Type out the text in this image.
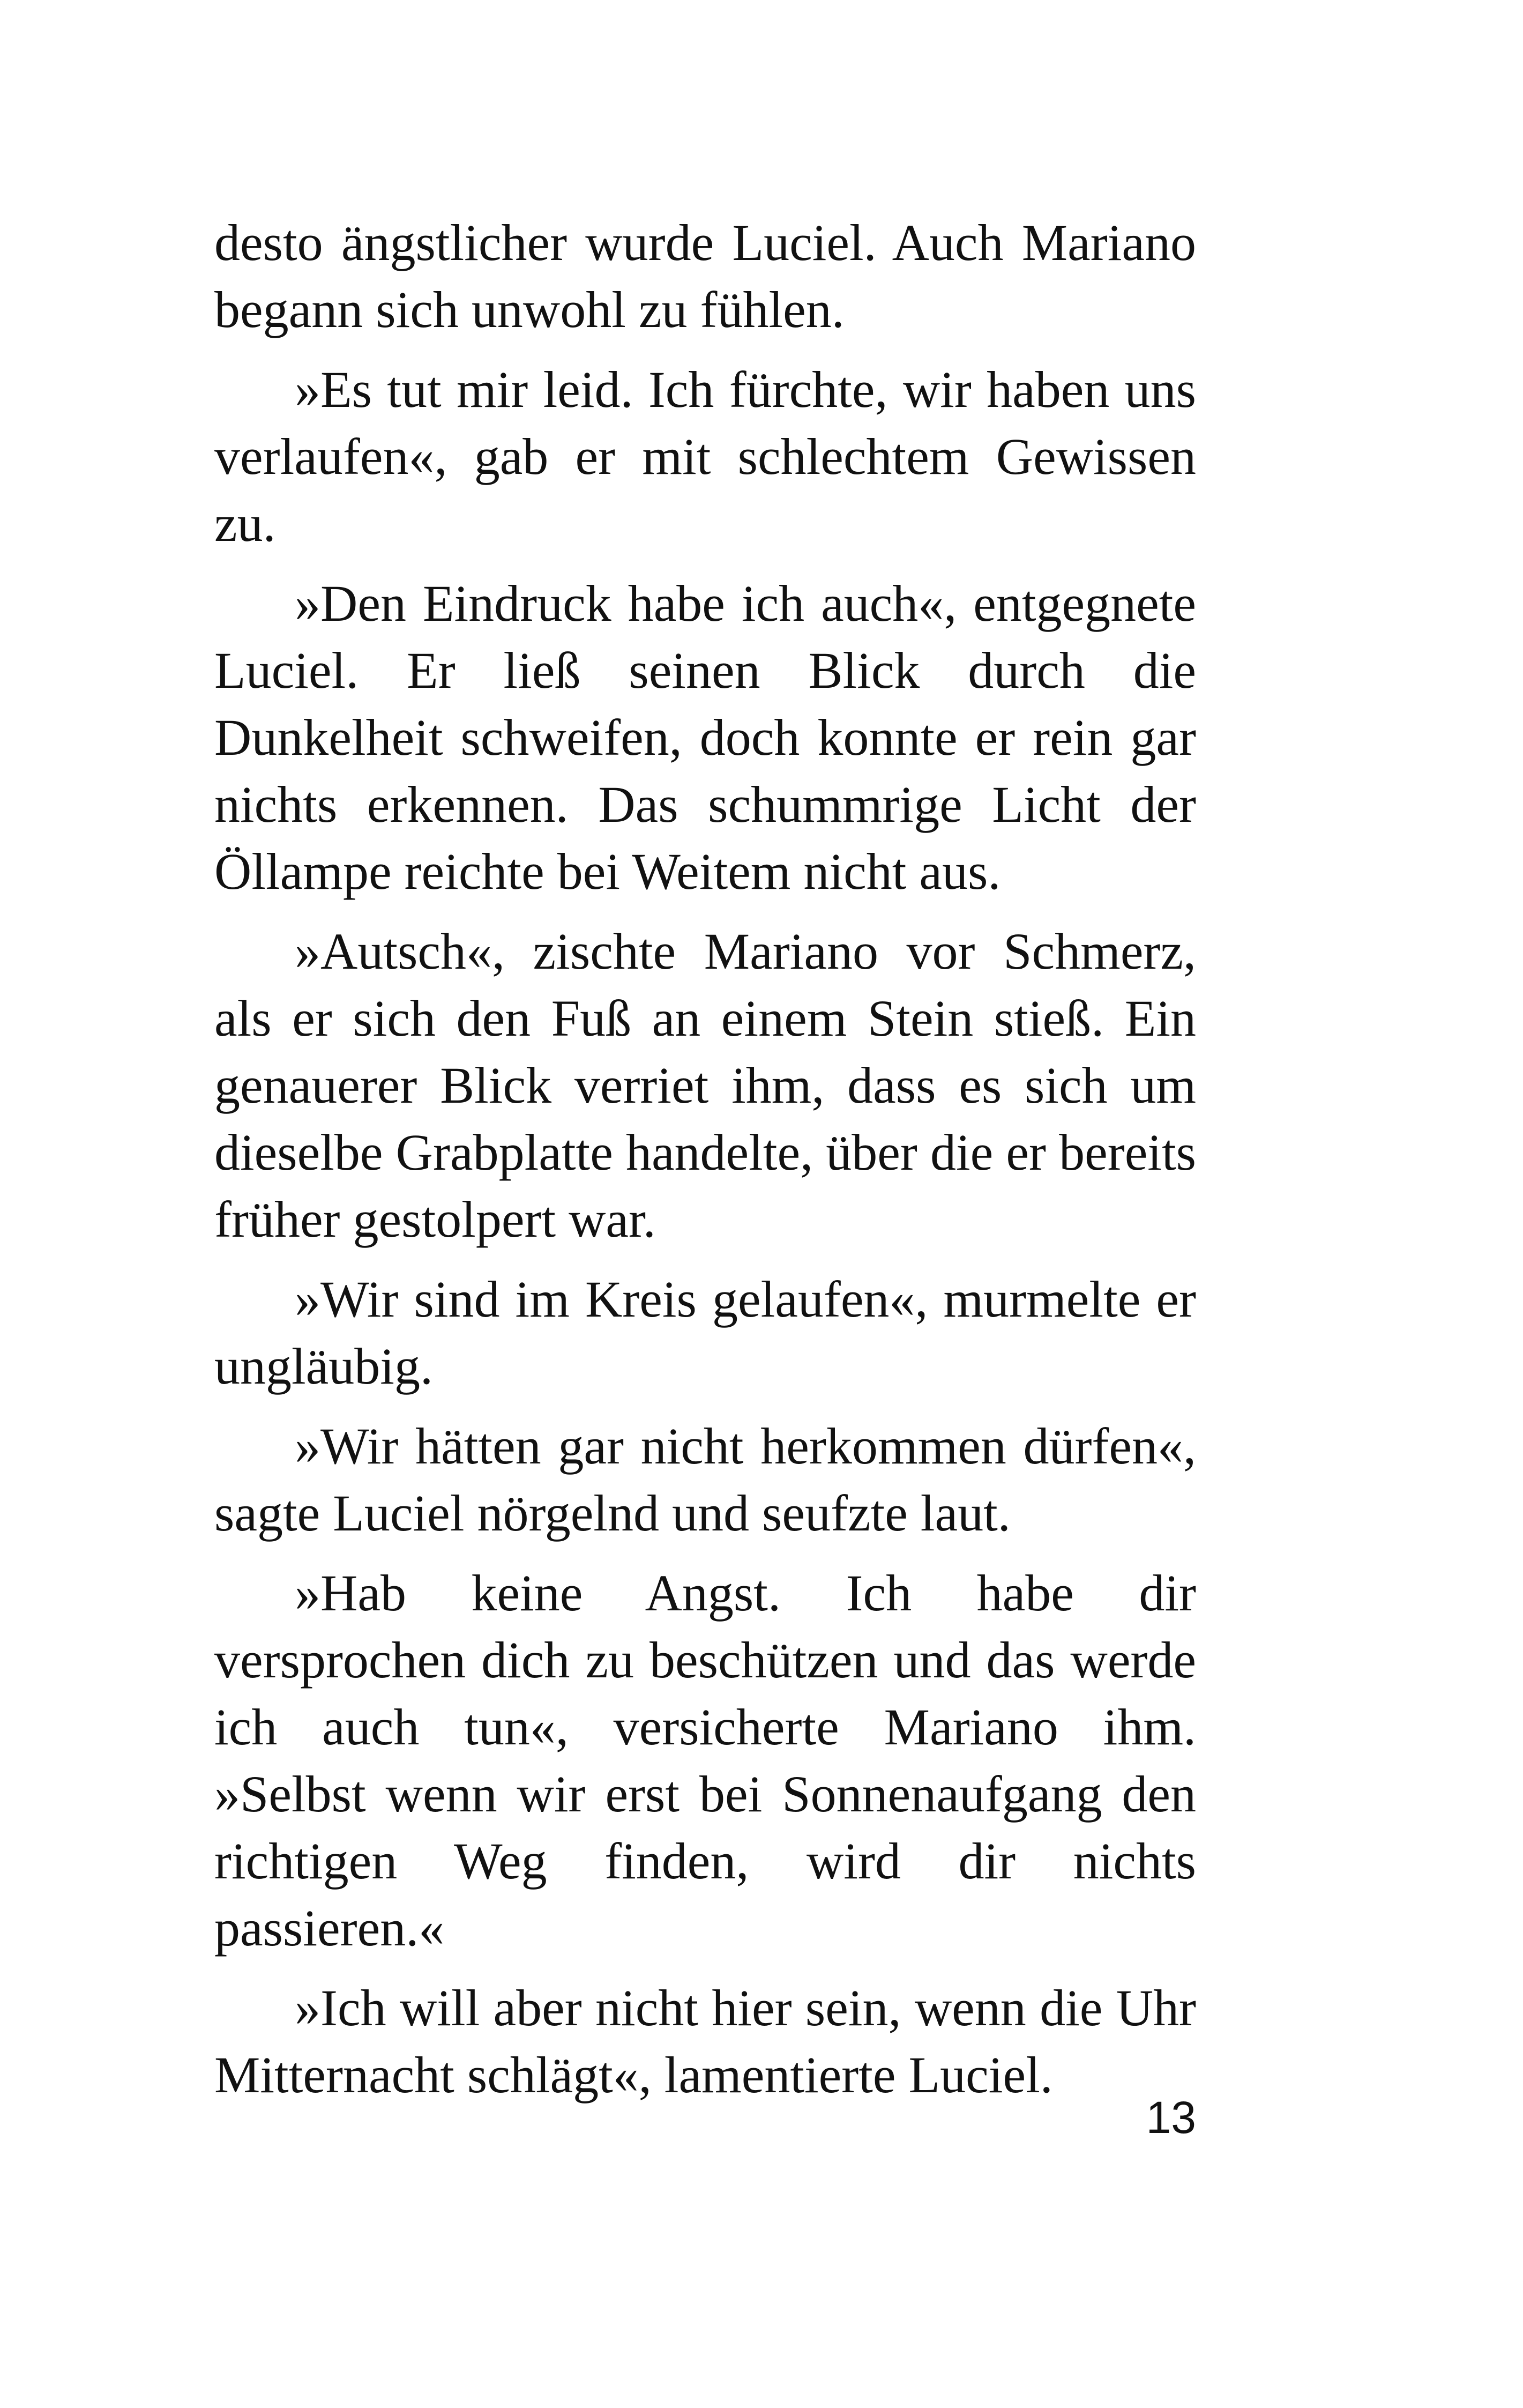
desto ängstlicher wurde Luciel. Auch Mariano begann sich unwohl zu fühlen.

»Es tut mir leid. Ich fürchte, wir haben uns verlaufen«, gab er mit schlechtem Gewissen zu.

»Den Eindruck habe ich auch«, entgegnete Luciel. Er ließ seinen Blick durch die Dunkelheit schweifen, doch konnte er rein gar nichts erkennen. Das schummrige Licht der Öllampe reichte bei Weitem nicht aus.

»Autsch«, zischte Mariano vor Schmerz, als er sich den Fuß an einem Stein stieß. Ein genauerer Blick verriet ihm, dass es sich um dieselbe Grabplatte handelte, über die er bereits früher gestolpert war.

»Wir sind im Kreis gelaufen«, murmelte er ungläubig.

»Wir hätten gar nicht herkommen dürfen«, sagte Luciel nörgelnd und seufzte laut.

»Hab keine Angst. Ich habe dir versprochen dich zu beschützen und das werde ich auch tun«, versicherte Mariano ihm. »Selbst wenn wir erst bei Sonnenaufgang den richtigen Weg finden, wird dir nichts passieren.«

»Ich will aber nicht hier sein, wenn die Uhr Mitternacht schlägt«, lamentierte Luciel.

13
